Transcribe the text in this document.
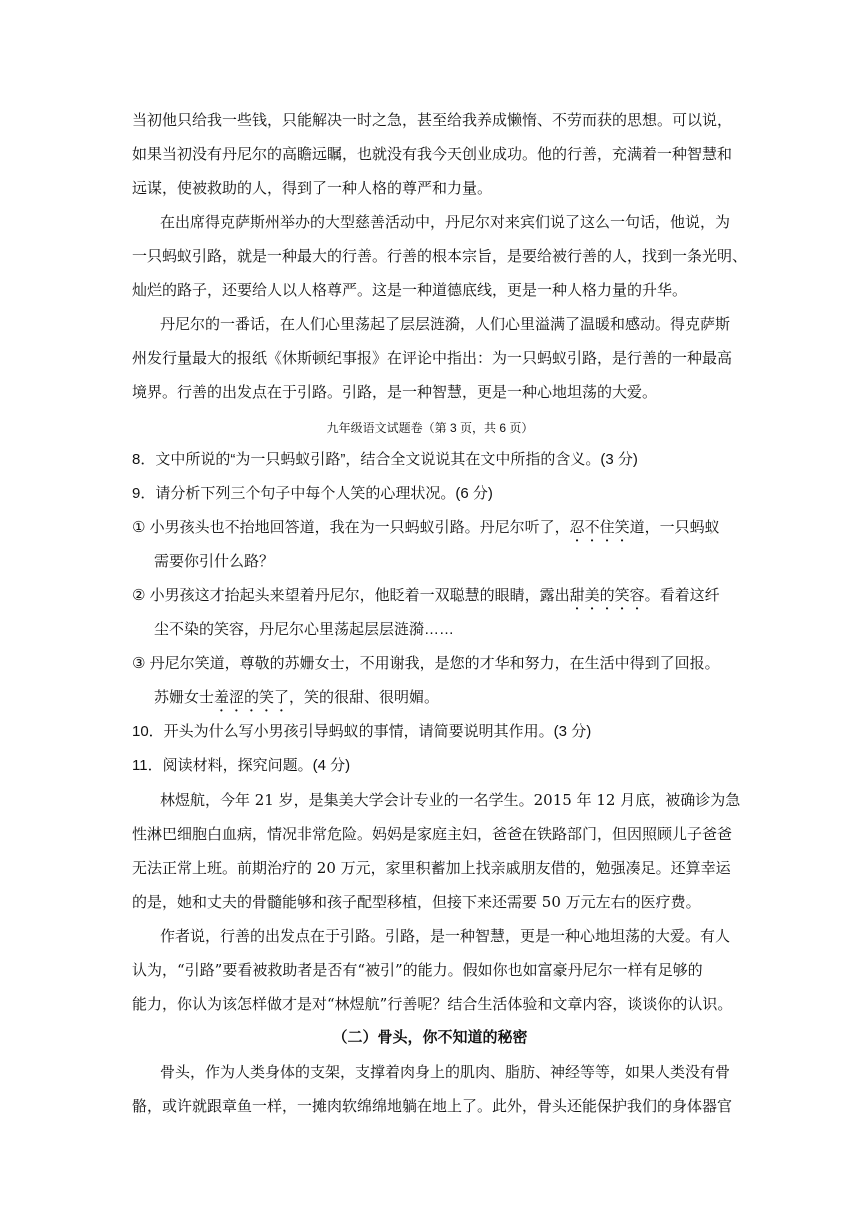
当初他只给我一些钱，只能解决一时之急，甚至给我养成懒惰、不劳而获的思想。可以说，
如果当初没有丹尼尔的高瞻远瞩，也就没有我今天创业成功。他的行善，充满着一种智慧和
远谋，使被救助的人，得到了一种人格的尊严和力量。
在出席得克萨斯州举办的大型慈善活动中，丹尼尔对来宾们说了这么一句话，他说，为
一只蚂蚁引路，就是一种最大的行善。行善的根本宗旨，是要给被行善的人，找到一条光明、
灿烂的路子，还要给人以人格尊严。这是一种道德底线，更是一种人格力量的升华。
丹尼尔的一番话，在人们心里荡起了层层涟漪，人们心里溢满了温暖和感动。得克萨斯
州发行量最大的报纸《休斯顿纪事报》在评论中指出：为一只蚂蚁引路，是行善的一种最高
境界。行善的出发点在于引路。引路，是一种智慧，更是一种心地坦荡的大爱。
九年级语文试题卷（第 3 页，共 6 页）
8．文中所说的“为一只蚂蚁引路”，结合全文说说其在文中所指的含义。(3 分)
9．请分析下列三个句子中每个人笑的心理状况。(6 分)
① 小男孩头也不抬地回答道，我在为一只蚂蚁引路。丹尼尔听了，忍不住笑道，一只蚂蚁
需要你引什么路？
② 小男孩这才抬起头来望着丹尼尔，他眨着一双聪慧的眼睛，露出甜美的笑容。看着这纤
尘不染的笑容，丹尼尔心里荡起层层涟漪……
③ 丹尼尔笑道，尊敬的苏姗女士，不用谢我，是您的才华和努力，在生活中得到了回报。
苏姗女士羞涩的笑了，笑的很甜、很明媚。
10．开头为什么写小男孩引导蚂蚁的事情，请简要说明其作用。(3 分)
11．阅读材料，探究问题。(4 分)
林煜航，今年 21 岁，是集美大学会计专业的一名学生。2015 年 12 月底，被确诊为急
性淋巴细胞白血病，情况非常危险。妈妈是家庭主妇，爸爸在铁路部门，但因照顾儿子爸爸
无法正常上班。前期治疗的 20 万元，家里积蓄加上找亲戚朋友借的，勉强凑足。还算幸运
的是，她和丈夫的骨髓能够和孩子配型移植，但接下来还需要 50 万元左右的医疗费。
作者说，行善的出发点在于引路。引路，是一种智慧，更是一种心地坦荡的大爱。有人
认为，“引路”要看被救助者是否有“被引”的能力。假如你也如富豪丹尼尔一样有足够的
能力，你认为该怎样做才是对“林煜航”行善呢？结合生活体验和文章内容，谈谈你的认识。
（二）骨头，你不知道的秘密
骨头，作为人类身体的支架，支撑着肉身上的肌肉、脂肪、神经等等，如果人类没有骨
骼，或许就跟章鱼一样，一摊肉软绵绵地躺在地上了。此外，骨头还能保护我们的身体器官
